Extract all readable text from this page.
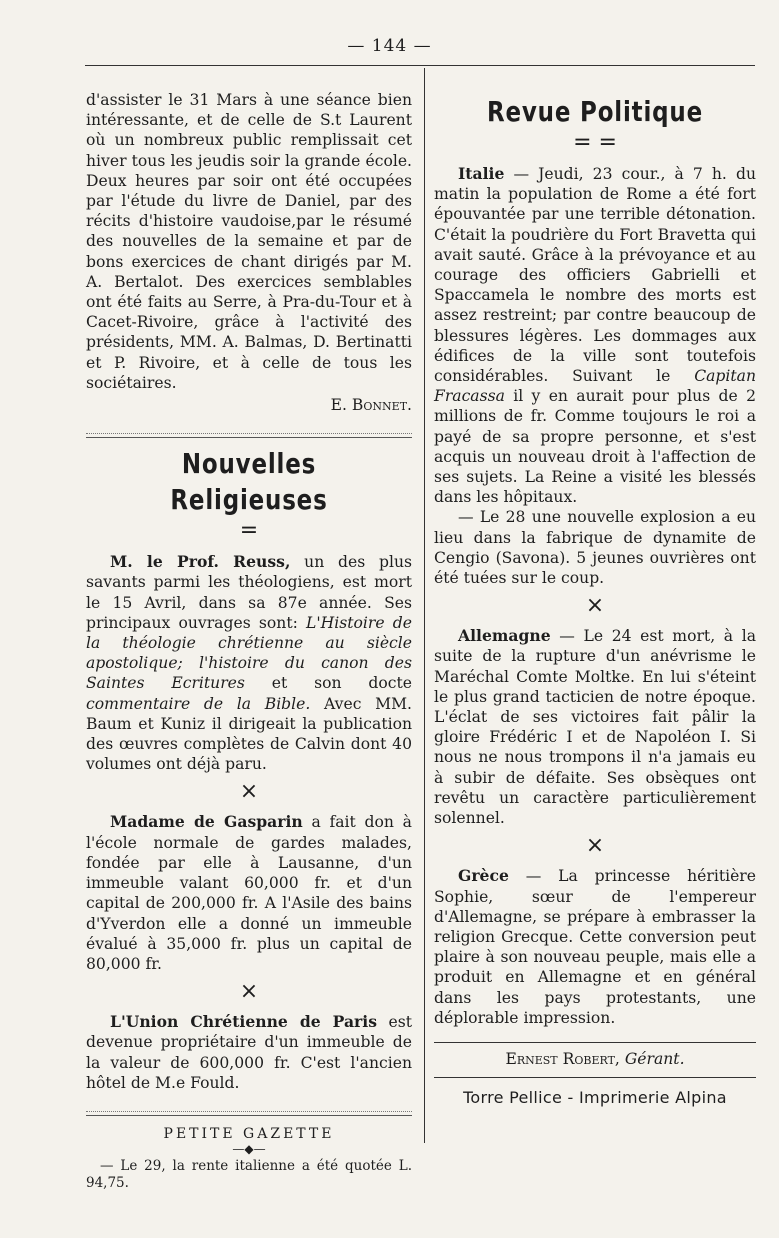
— 144 —

d'assister le 31 Mars à une séance bien intéressante, et de celle de S.t Laurent où un nombreux public remplissait cet hiver tous les jeudis soir la grande école. Deux heures par soir ont été occupées par l'étude du livre de Daniel, par des récits d'histoire vaudoise,par le résumé des nouvelles de la semaine et par de bons exercices de chant dirigés par M. A. Bertalot. Des exercices semblables ont été faits au Serre, à Pra-du-Tour et à Cacet-Rivoire, grâce à l'activité des présidents, MM. A. Balmas, D. Bertinatti et P. Rivoire, et à celle de tous les sociétaires.

E. Bonnet.

Nouvelles Religieuses
=

M. le Prof. Reuss, un des plus savants parmi les théologiens, est mort le 15 Avril, dans sa 87e année. Ses principaux ouvrages sont: L'Histoire de la théologie chrétienne au siècle apostolique; l'histoire du canon des Saintes Ecritures et son docte commentaire de la Bible. Avec MM. Baum et Kuniz il dirigeait la publication des œuvres complètes de Calvin dont 40 volumes ont déjà paru.

×

Madame de Gasparin a fait don à l'école normale de gardes malades, fondée par elle à Lausanne, d'un immeuble valant 60,000 fr. et d'un capital de 200,000 fr. A l'Asile des bains d'Yverdon elle a donné un immeuble évalué à 35,000 fr. plus un capital de 80,000 fr.

×

L'Union Chrétienne de Paris est devenue propriétaire d'un immeuble de la valeur de 600,000 fr. C'est l'ancien hôtel de M.e Fould.

PETITE GAZETTE
—◆—

— Le 29, la rente italienne a été quotée L. 94,75.

Revue Politique
= =

Italie — Jeudi, 23 cour., à 7 h. du matin la population de Rome a été fort épouvantée par une terrible détonation. C'était la poudrière du Fort Bravetta qui avait sauté. Grâce à la prévoyance et au courage des officiers Gabrielli et Spaccamela le nombre des morts est assez restreint; par contre beaucoup de blessures légères. Les dommages aux édifices de la ville sont toutefois considérables. Suivant le Capitan Fracassa il y en aurait pour plus de 2 millions de fr. Comme toujours le roi a payé de sa propre personne, et s'est acquis un nouveau droit à l'affection de ses sujets. La Reine a visité les blessés dans les hôpitaux.

— Le 28 une nouvelle explosion a eu lieu dans la fabrique de dynamite de Cengio (Savona). 5 jeunes ouvrières ont été tuées sur le coup.

×

Allemagne — Le 24 est mort, à la suite de la rupture d'un anévrisme le Maréchal Comte Moltke. En lui s'éteint le plus grand tacticien de notre époque. L'éclat de ses victoires fait pâlir la gloire Frédéric I et de Napoléon I. Si nous ne nous trompons il n'a jamais eu à subir de défaite. Ses obsèques ont revêtu un caractère particulièrement solennel.

×

Grèce — La princesse héritière Sophie, sœur de l'empereur d'Allemagne, se prépare à embrasser la religion Grecque. Cette conversion peut plaire à son nouveau peuple, mais elle a produit en Allemagne et en général dans les pays protestants, une déplorable impression.

Ernest Robert, Gérant.
Torre Pellice - Imprimerie Alpina
